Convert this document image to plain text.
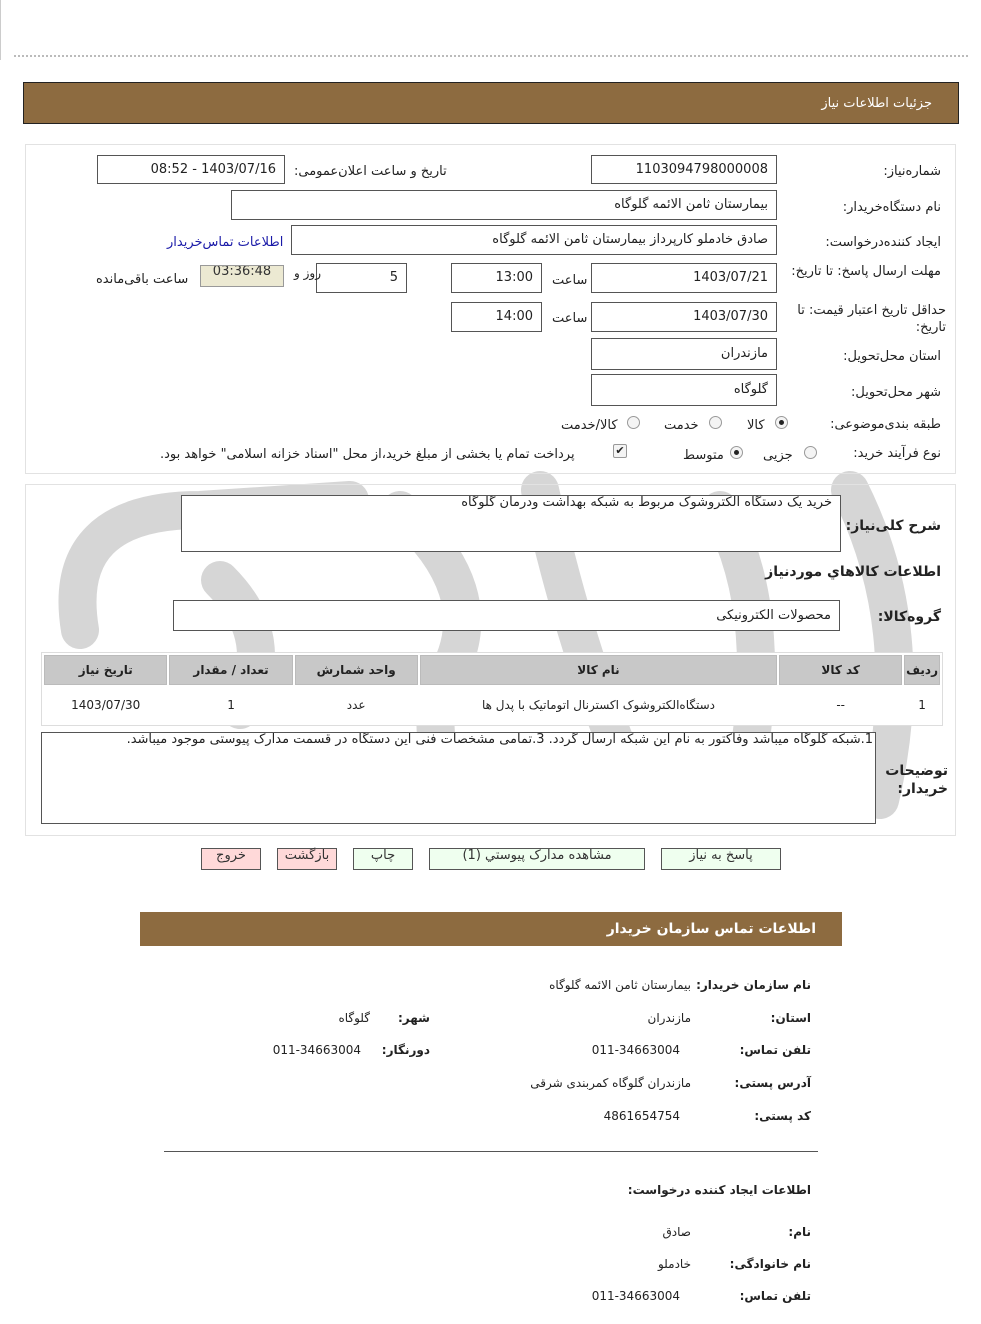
جزئیات اطلاعات نیاز
شماره‌نیاز:
1103094798000008
تاریخ و ساعت اعلان‌عمومی:
1403/07/16 - 08:52
نام دستگاه‌خریدار:
بیمارستان ثامن الائمه گلوگاه
ایجاد کننده‌درخواست:
صادق خادملو کارپرداز بیمارستان ثامن الائمه گلوگاه
اطلاعات تماس‌خریدار
مهلت ارسال پاسخ: تا تاریخ:
1403/07/21
ساعت
13:00
5
روز و
03:36:48
ساعت باقی‌مانده
حداقل تاریخ اعتبار قیمت: تا تاریخ:
1403/07/30
ساعت
14:00
استان محل‌تحویل:
مازندران
شهر محل‌تحویل:
گلوگاه
طبقه بندی‌موضوعی:
کالا
خدمت
کالا/خدمت
نوع فرآیند خرید:
جزیی
متوسط
✔
پرداخت تمام یا بخشی از مبلغ خرید،از محل "اسناد خزانه اسلامی" خواهد بود.
شرح کلی‌نیاز:
خرید یک دستگاه الکتروشوک مربوط به شبکه بهداشت ودرمان گلوگاه
اطلاعات کالاهاي موردنیاز
گروه‌کالا:
محصولات الکترونیکی
ردیف	کد کالا	نام کالا	واحد شمارش	تعداد / مقدار	تاریخ نیاز
1	--	دستگاه‌الکتروشوک اکسترنال اتوماتیک با پدل ها	عدد	1	1403/07/30
توضیحات خریدار:
1.شبکه گلوگاه میباشد وفاکتور به نام این شبکه ارسال گردد. 3.تمامی مشخصات فنی این دستگاه در قسمت مدارک پیوستی موجود میباشد.
پاسخ به نیاز
مشاهده مدارک پیوستي (1)
چاپ
بازگشت
خروج
اطلاعات تماس سازمان خریدار
نام سازمان خریدار:
بیمارستان ثامن الائمه گلوگاه
استان:
مازندران
شهر:
گلوگاه
تلفن تماس:
011-34663004
دورنگار:
011-34663004
آدرس پستی:
مازندران گلوگاه کمربندی شرقی
کد پستی:
4861654754
اطلاعات ایجاد کننده درخواست:
نام:
صادق
نام خانوادگی:
خادملو
تلفن تماس:
011-34663004
